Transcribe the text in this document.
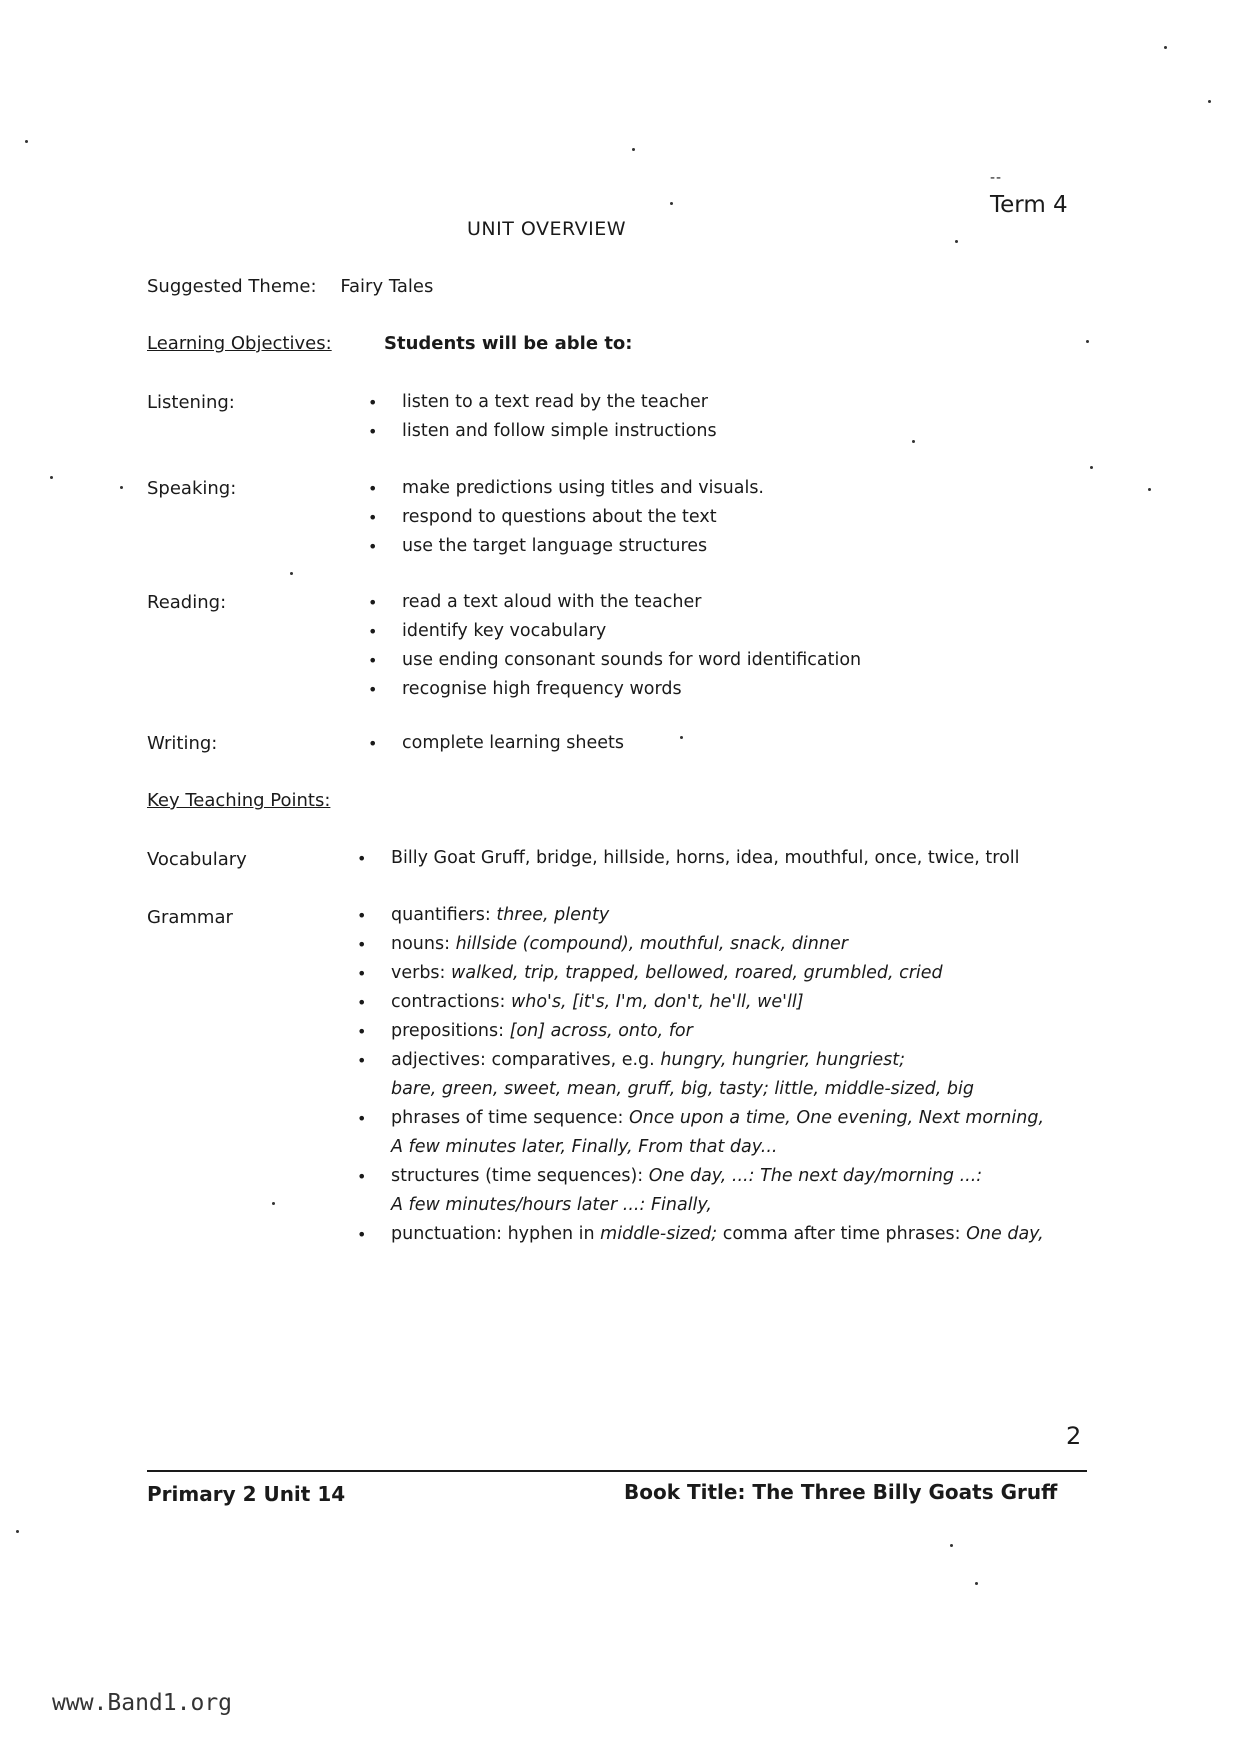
--
Term 4
UNIT OVERVIEW
Suggested Theme: Fairy Tales
Learning Objectives:	Students will be able to:
Listening:	• listen to a text read by the teacher
• listen and follow simple instructions
Speaking:	• make predictions using titles and visuals.
• respond to questions about the text
• use the target language structures
Reading:	• read a text aloud with the teacher
• identify key vocabulary
• use ending consonant sounds for word identification
• recognise high frequency words
Writing:	• complete learning sheets
Key Teaching Points:
Vocabulary	• Billy Goat Gruff, bridge, hillside, horns, idea, mouthful, once, twice, troll
Grammar	• quantifiers: three, plenty
• nouns: hillside (compound), mouthful, snack, dinner
• verbs: walked, trip, trapped, bellowed, roared, grumbled, cried
• contractions: who's, [it's, I'm, don't, he'll, we'll]
• prepositions: [on] across, onto, for
• adjectives: comparatives, e.g. hungry, hungrier, hungriest;
bare, green, sweet, mean, gruff, big, tasty; little, middle-sized, big
• phrases of time sequence: Once upon a time, One evening, Next morning,
A few minutes later, Finally, From that day...
• structures (time sequences): One day, ...: The next day/morning ...:
A few minutes/hours later ...: Finally,
• punctuation: hyphen in middle-sized; comma after time phrases: One day,
2
Primary 2 Unit 14	Book Title: The Three Billy Goats Gruff
www.Band1.org
